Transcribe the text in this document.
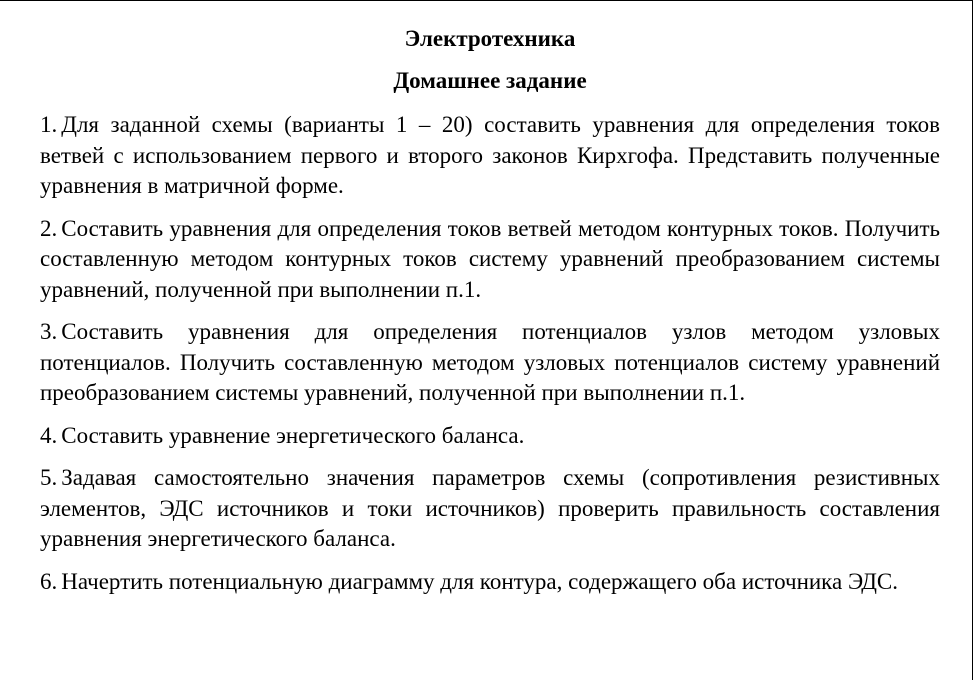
Электротехника
Домашнее задание

1. Для заданной схемы (варианты 1 – 20) составить уравнения для определения токов ветвей с использованием первого и второго законов Кирхгофа. Представить полученные уравнения в матричной форме.

2. Составить уравнения для определения токов ветвей методом контурных токов. Получить составленную методом контурных токов систему уравнений преобразованием системы уравнений, полученной при выполнении п.1.

3. Составить уравнения для определения потенциалов узлов методом узловых потенциалов. Получить составленную методом узловых потенциалов систему уравнений преобразованием системы уравнений, полученной при выполнении п.1.

4. Составить уравнение энергетического баланса.

5. Задавая самостоятельно значения параметров схемы (сопротивления резистивных элементов, ЭДС источников и токи источников) проверить правильность составления уравнения энергетического баланса.

6. Начертить потенциальную диаграмму для контура, содержащего оба источника ЭДС.
